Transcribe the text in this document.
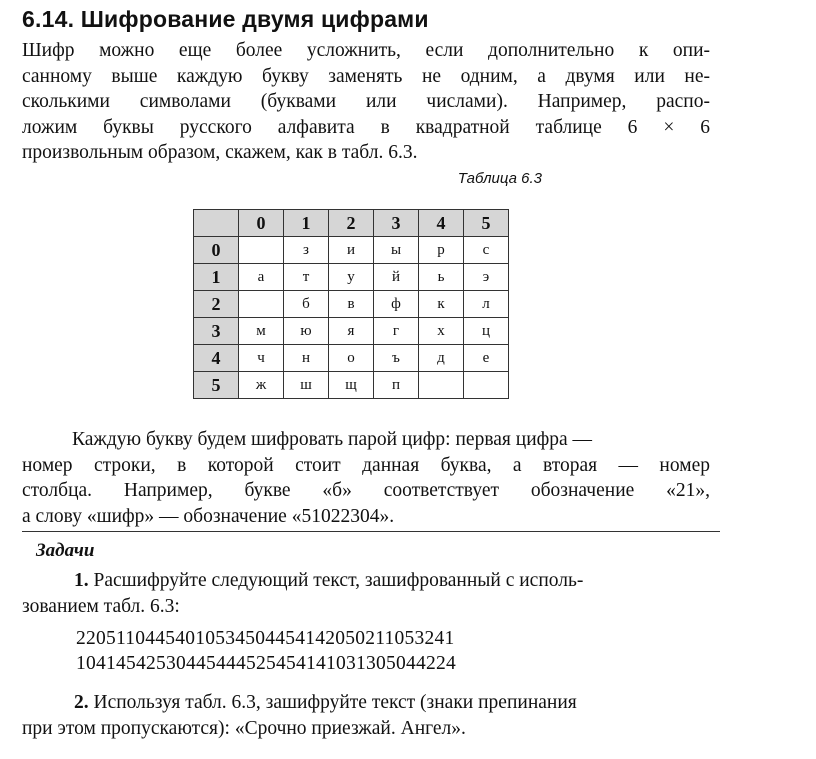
6.14. Шифрование двумя цифрами
Шифр можно еще более усложнить, если дополнительно к опи-
санному выше каждую букву заменять не одним, а двумя или не-
сколькими символами (буквами или числами). Например, распо-
ложим буквы русского алфавита в квадратной таблице 6 × 6
произвольным образом, скажем, как в табл. 6.3.
Таблица 6.3
	0	1	2	3	4	5
0		з	и	ы	р	с
1	а	т	у	й	ь	э
2		б	в	ф	к	л
3	м	ю	я	г	х	ц
4	ч	н	о	ъ	д	е
5	ж	ш	щ	п		
Каждую букву будем шифровать парой цифр: первая цифра —
номер строки, в которой стоит данная буква, а вторая — номер
столбца. Например, букве «б» соответствует обозначение «21»,
а слову «шифр» — обозначение «51022304».
Задачи
1. Расшифруйте следующий текст, зашифрованный с исполь-
зованием табл. 6.3:
22051104454010534504454142050211053241
10414542530445444525454141031305044224
2. Используя табл. 6.3, зашифруйте текст (знаки препинания
при этом пропускаются): «Срочно приезжай. Ангел».
